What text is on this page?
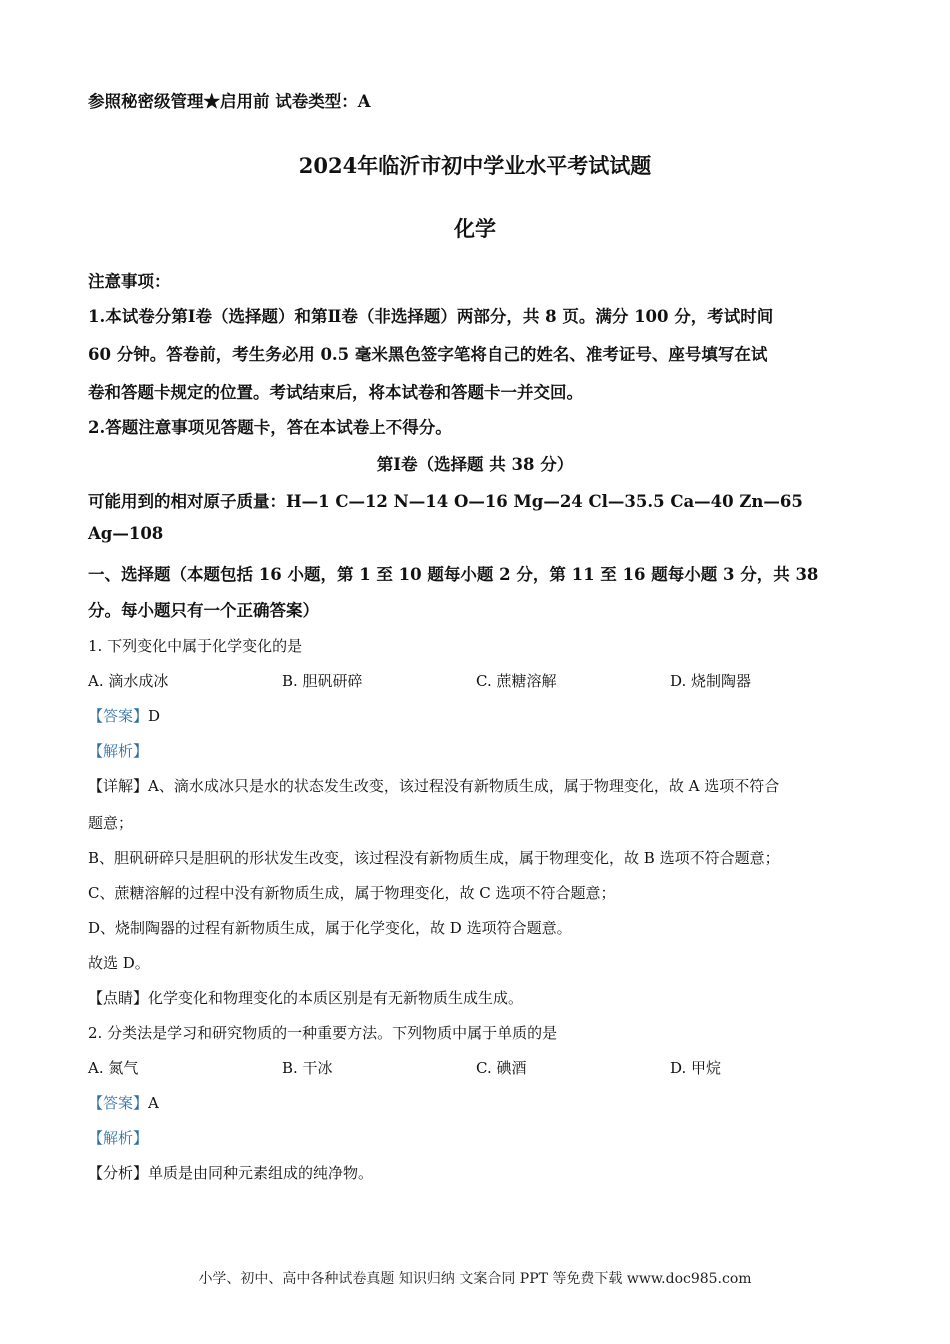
参照秘密级管理★启用前 试卷类型：A
2024年临沂市初中学业水平考试试题
化学
注意事项：
1.本试卷分第Ⅰ卷（选择题）和第Ⅱ卷（非选择题）两部分，共 8 页。满分 100 分，考试时间
60 分钟。答卷前，考生务必用 0.5 毫米黑色签字笔将自己的姓名、准考证号、座号填写在试
卷和答题卡规定的位置。考试结束后，将本试卷和答题卡一并交回。
2.答题注意事项见答题卡，答在本试卷上不得分。
第Ⅰ卷（选择题 共 38 分）
可能用到的相对原子质量：H—1 C—12 N—14 O—16 Mg—24 Cl—35.5 Ca—40 Zn—65
Ag—108
一、选择题（本题包括 16 小题，第 1 至 10 题每小题 2 分，第 11 至 16 题每小题 3 分，共 38
分。每小题只有一个正确答案）
1. 下列变化中属于化学变化的是
A. 滴水成冰	B. 胆矾研碎	C. 蔗糖溶解	D. 烧制陶器
【答案】D
【解析】
【详解】A、滴水成冰只是水的状态发生改变，该过程没有新物质生成，属于物理变化，故 A 选项不符合
题意；
B、胆矾研碎只是胆矾的形状发生改变，该过程没有新物质生成，属于物理变化，故 B 选项不符合题意；
C、蔗糖溶解的过程中没有新物质生成，属于物理变化，故 C 选项不符合题意；
D、烧制陶器的过程有新物质生成，属于化学变化，故 D 选项符合题意。
故选 D。
【点睛】化学变化和物理变化的本质区别是有无新物质生成生成。
2. 分类法是学习和研究物质的一种重要方法。下列物质中属于单质的是
A. 氮气	B. 干冰	C. 碘酒	D. 甲烷
【答案】A
【解析】
【分析】单质是由同种元素组成的纯净物。
小学、初中、高中各种试卷真题 知识归纳 文案合同 PPT 等免费下载 www.doc985.com
